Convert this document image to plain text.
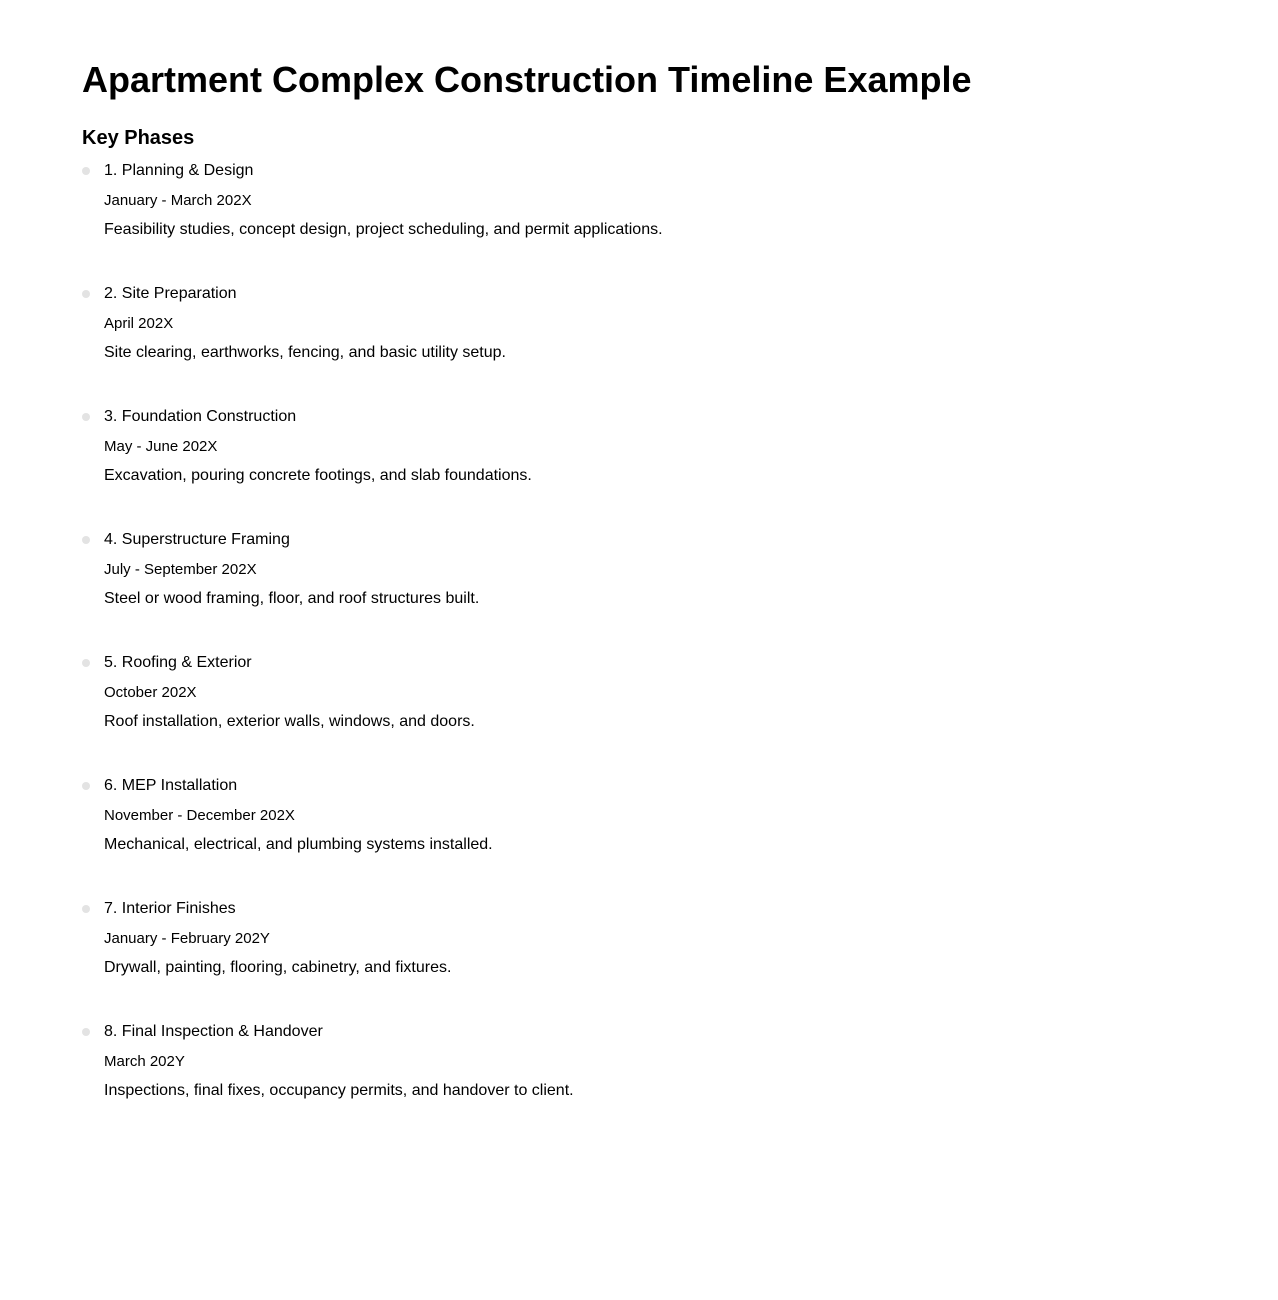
Apartment Complex Construction Timeline Example
Key Phases
1. Planning & Design
January - March 202X
Feasibility studies, concept design, project scheduling, and permit applications.
2. Site Preparation
April 202X
Site clearing, earthworks, fencing, and basic utility setup.
3. Foundation Construction
May - June 202X
Excavation, pouring concrete footings, and slab foundations.
4. Superstructure Framing
July - September 202X
Steel or wood framing, floor, and roof structures built.
5. Roofing & Exterior
October 202X
Roof installation, exterior walls, windows, and doors.
6. MEP Installation
November - December 202X
Mechanical, electrical, and plumbing systems installed.
7. Interior Finishes
January - February 202Y
Drywall, painting, flooring, cabinetry, and fixtures.
8. Final Inspection & Handover
March 202Y
Inspections, final fixes, occupancy permits, and handover to client.
